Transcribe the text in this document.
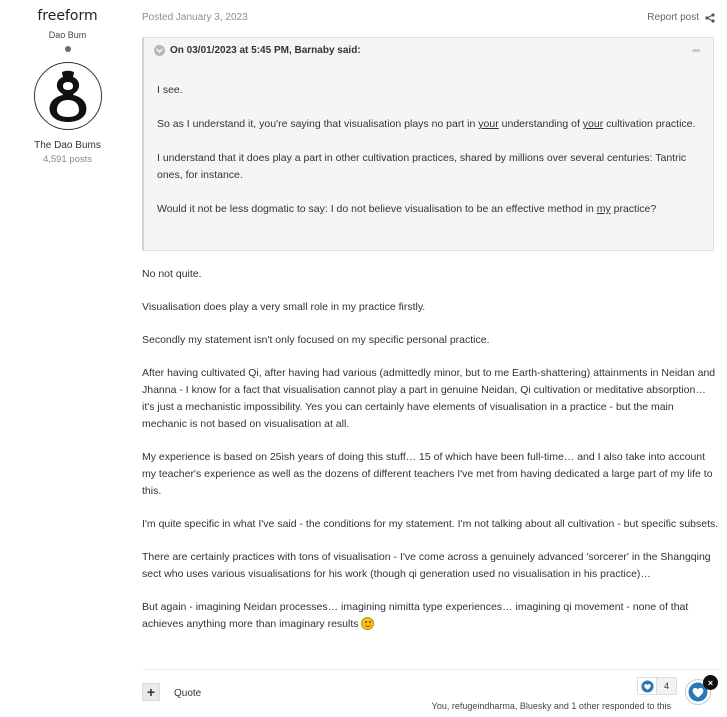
freeform
Dao Bum
The Dao Bums
4,591 posts
Posted January 3, 2023	Report post
On 03/01/2023 at 5:45 PM, Barnaby said:	➦

I see.

So as I understand it, you're saying that visualisation plays no part in your understanding of your cultivation practice.

I understand that it does play a part in other cultivation practices, shared by millions over several centuries: Tantric ones, for instance.

Would it not be less dogmatic to say: I do not believe visualisation to be an effective method in my practice?

No not quite.

Visualisation does play a very small role in my practice firstly.

Secondly my statement isn't only focused on my specific personal practice.

After having cultivated Qi, after having had various (admittedly minor, but to me Earth-shattering) attainments in Neidan and Jhanna - I know for a fact that visualisation cannot play a part in genuine Neidan, Qi cultivation or meditative absorption… it's just a mechanistic impossibility. Yes you can certainly have elements of visualisation in a practice - but the main mechanic is not based on visualisation at all.

My experience is based on 25ish years of doing this stuff… 15 of which have been full-time… and I also take into account my teacher's experience as well as the dozens of different teachers I've met from having dedicated a large part of my life to this.

I'm quite specific in what I've said - the conditions for my statement. I'm not talking about all cultivation - but specific subsets.

There are certainly practices with tons of visualisation - I've come across a genuinely advanced 'sorcerer' in the Shangqing sect who uses various visualisations for his work (though qi generation used no visualisation in his practice)…

But again - imagining Neidan processes… imagining nimitta type experiences… imagining qi movement - none of that achieves anything more than imaginary results

+	Quote
4
You, refugeindharma, Bluesky and 1 other responded to this
×
